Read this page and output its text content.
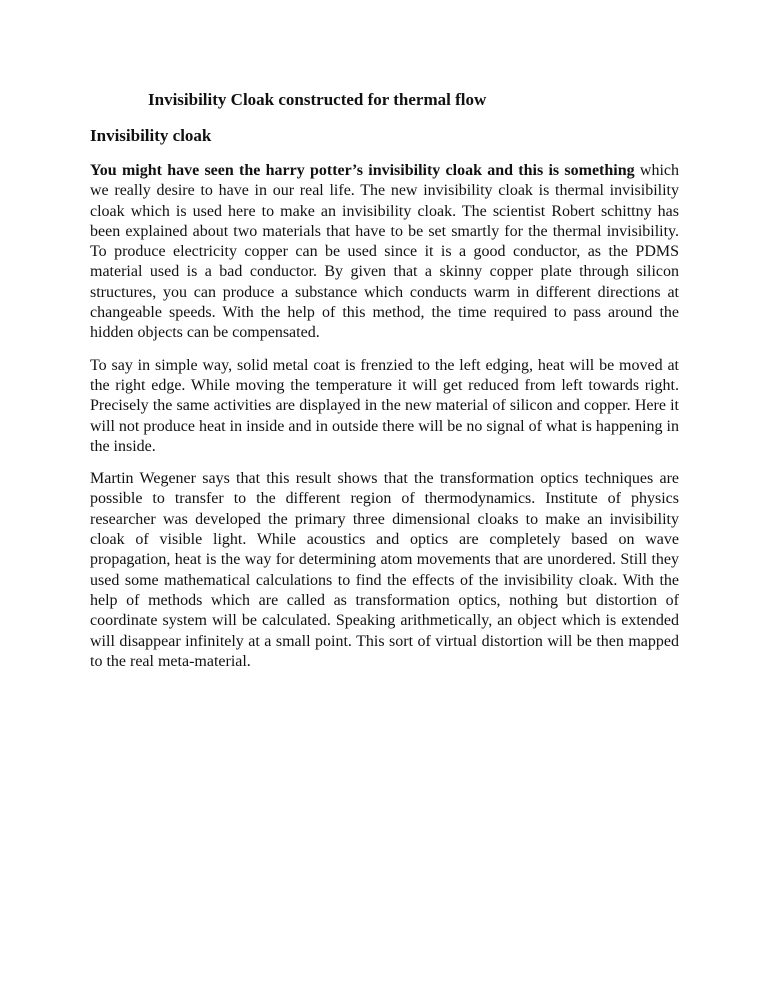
Invisibility Cloak constructed for thermal flow
Invisibility cloak

You might have seen the harry potter’s invisibility cloak and this is something which we really desire to have in our real life. The new invisibility cloak is thermal invisibility cloak which is used here to make an invisibility cloak. The scientist Robert schittny has been explained about two materials that have to be set smartly for the thermal invisibility. To produce electricity copper can be used since it is a good conductor, as the PDMS material used is a bad conductor. By given that a skinny copper plate through silicon structures, you can produce a substance which conducts warm in different directions at changeable speeds. With the help of this method, the time required to pass around the hidden objects can be compensated.

To say in simple way, solid metal coat is frenzied to the left edging, heat will be moved at the right edge. While moving the temperature it will get reduced from left towards right. Precisely the same activities are displayed in the new material of silicon and copper. Here it will not produce heat in inside and in outside there will be no signal of what is happening in the inside.

Martin Wegener says that this result shows that the transformation optics techniques are possible to transfer to the different region of thermodynamics. Institute of physics researcher was developed the primary three dimensional cloaks to make an invisibility cloak of visible light. While acoustics and optics are completely based on wave propagation, heat is the way for determining atom movements that are unordered. Still they used some mathematical calculations to find the effects of the invisibility cloak. With the help of methods which are called as transformation optics, nothing but distortion of coordinate system will be calculated. Speaking arithmetically, an object which is extended will disappear infinitely at a small point. This sort of virtual distortion will be then mapped to the real meta-material.
